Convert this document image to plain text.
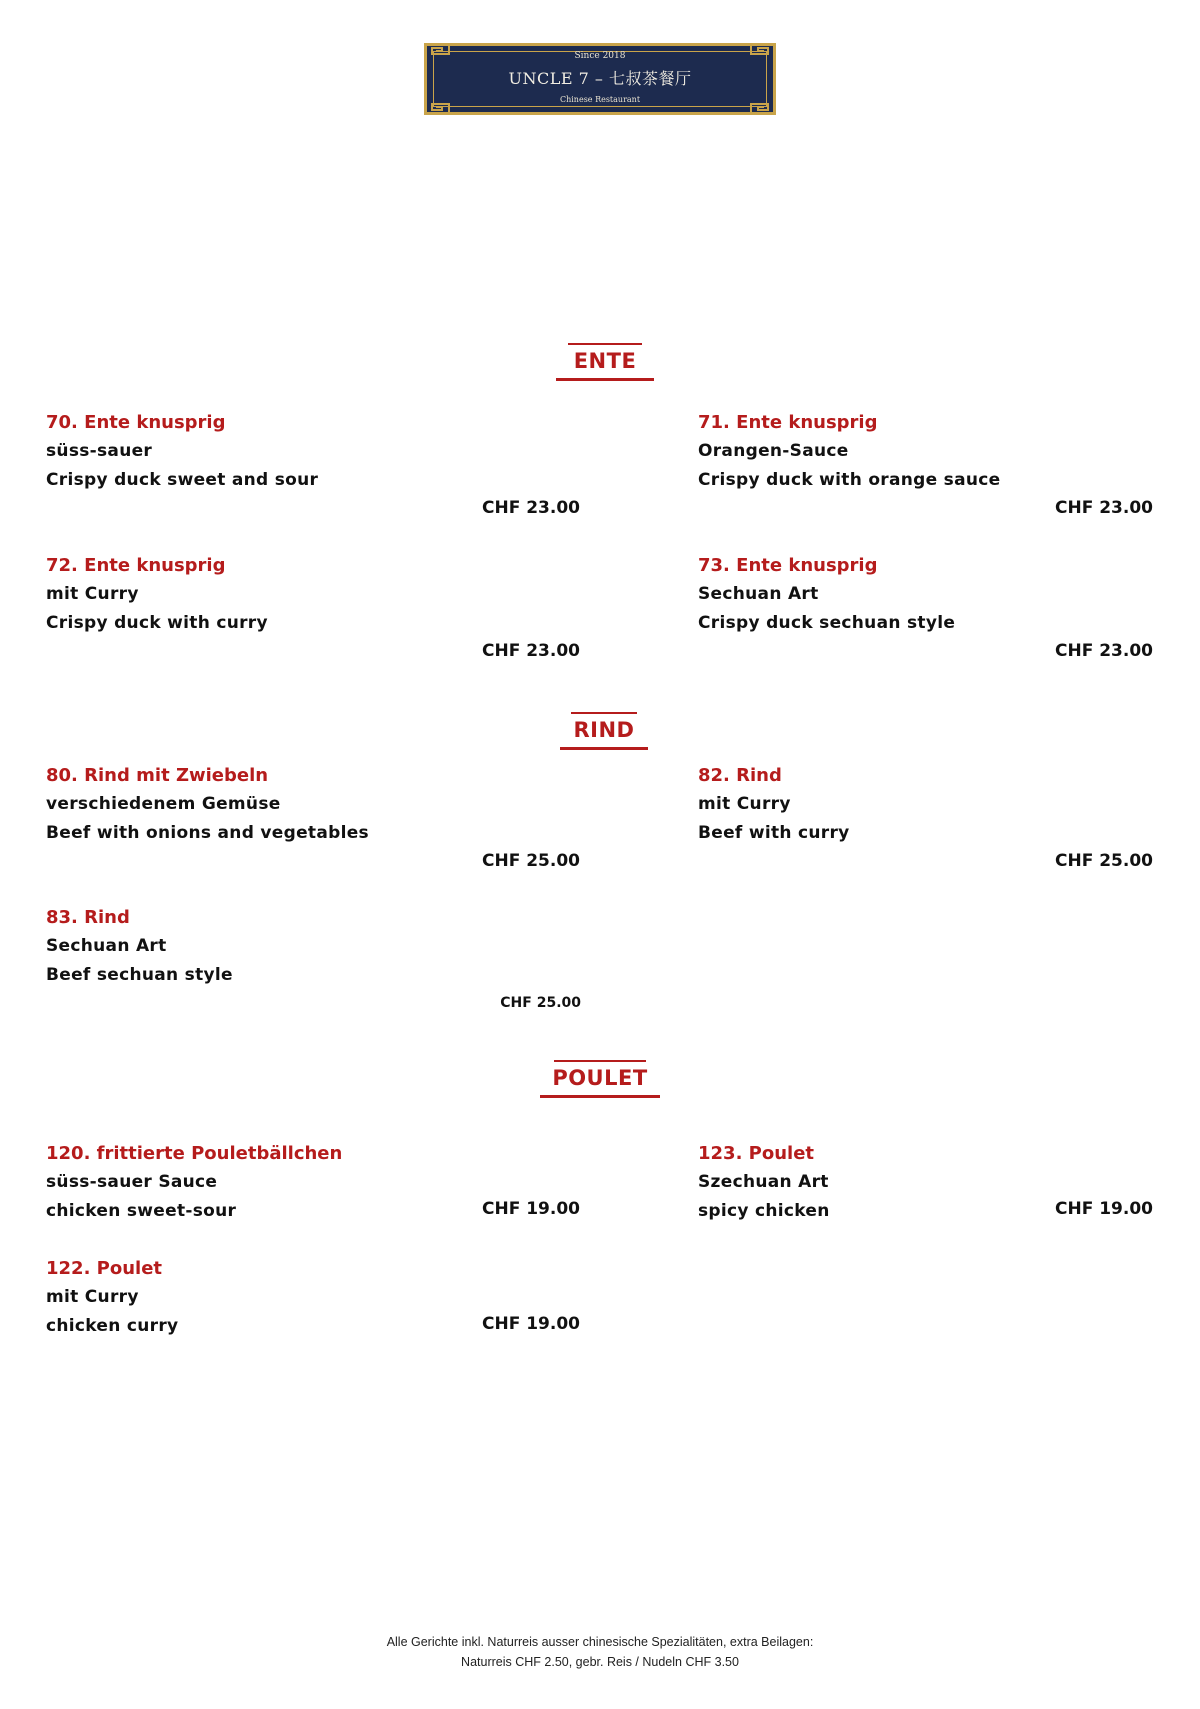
Since 2018
UNCLE 7 – 七叔茶餐厅
Chinese Restaurant
ENTE
70. Ente knusprig
süss-sauer
Crispy duck sweet and sour
CHF 23.00
71. Ente knusprig
Orangen-Sauce
Crispy duck with orange sauce
CHF 23.00
72. Ente knusprig
mit Curry
Crispy duck with curry
CHF 23.00
73. Ente knusprig
Sechuan Art
Crispy duck sechuan style
CHF 23.00
RIND
80. Rind mit Zwiebeln
verschiedenem Gemüse
Beef with onions and vegetables
CHF 25.00
82. Rind
mit Curry
Beef with curry
CHF 25.00
83. Rind
Sechuan Art
Beef sechuan style
CHF 25.00
POULET
120. frittierte Pouletbällchen
süss-sauer Sauce
chicken sweet-sour	CHF 19.00
123. Poulet
Szechuan Art
spicy chicken	CHF 19.00
122. Poulet
mit Curry
chicken curry	CHF 19.00
Alle Gerichte inkl. Naturreis ausser chinesische Spezialitäten, extra Beilagen:
Naturreis CHF 2.50, gebr. Reis / Nudeln CHF 3.50
